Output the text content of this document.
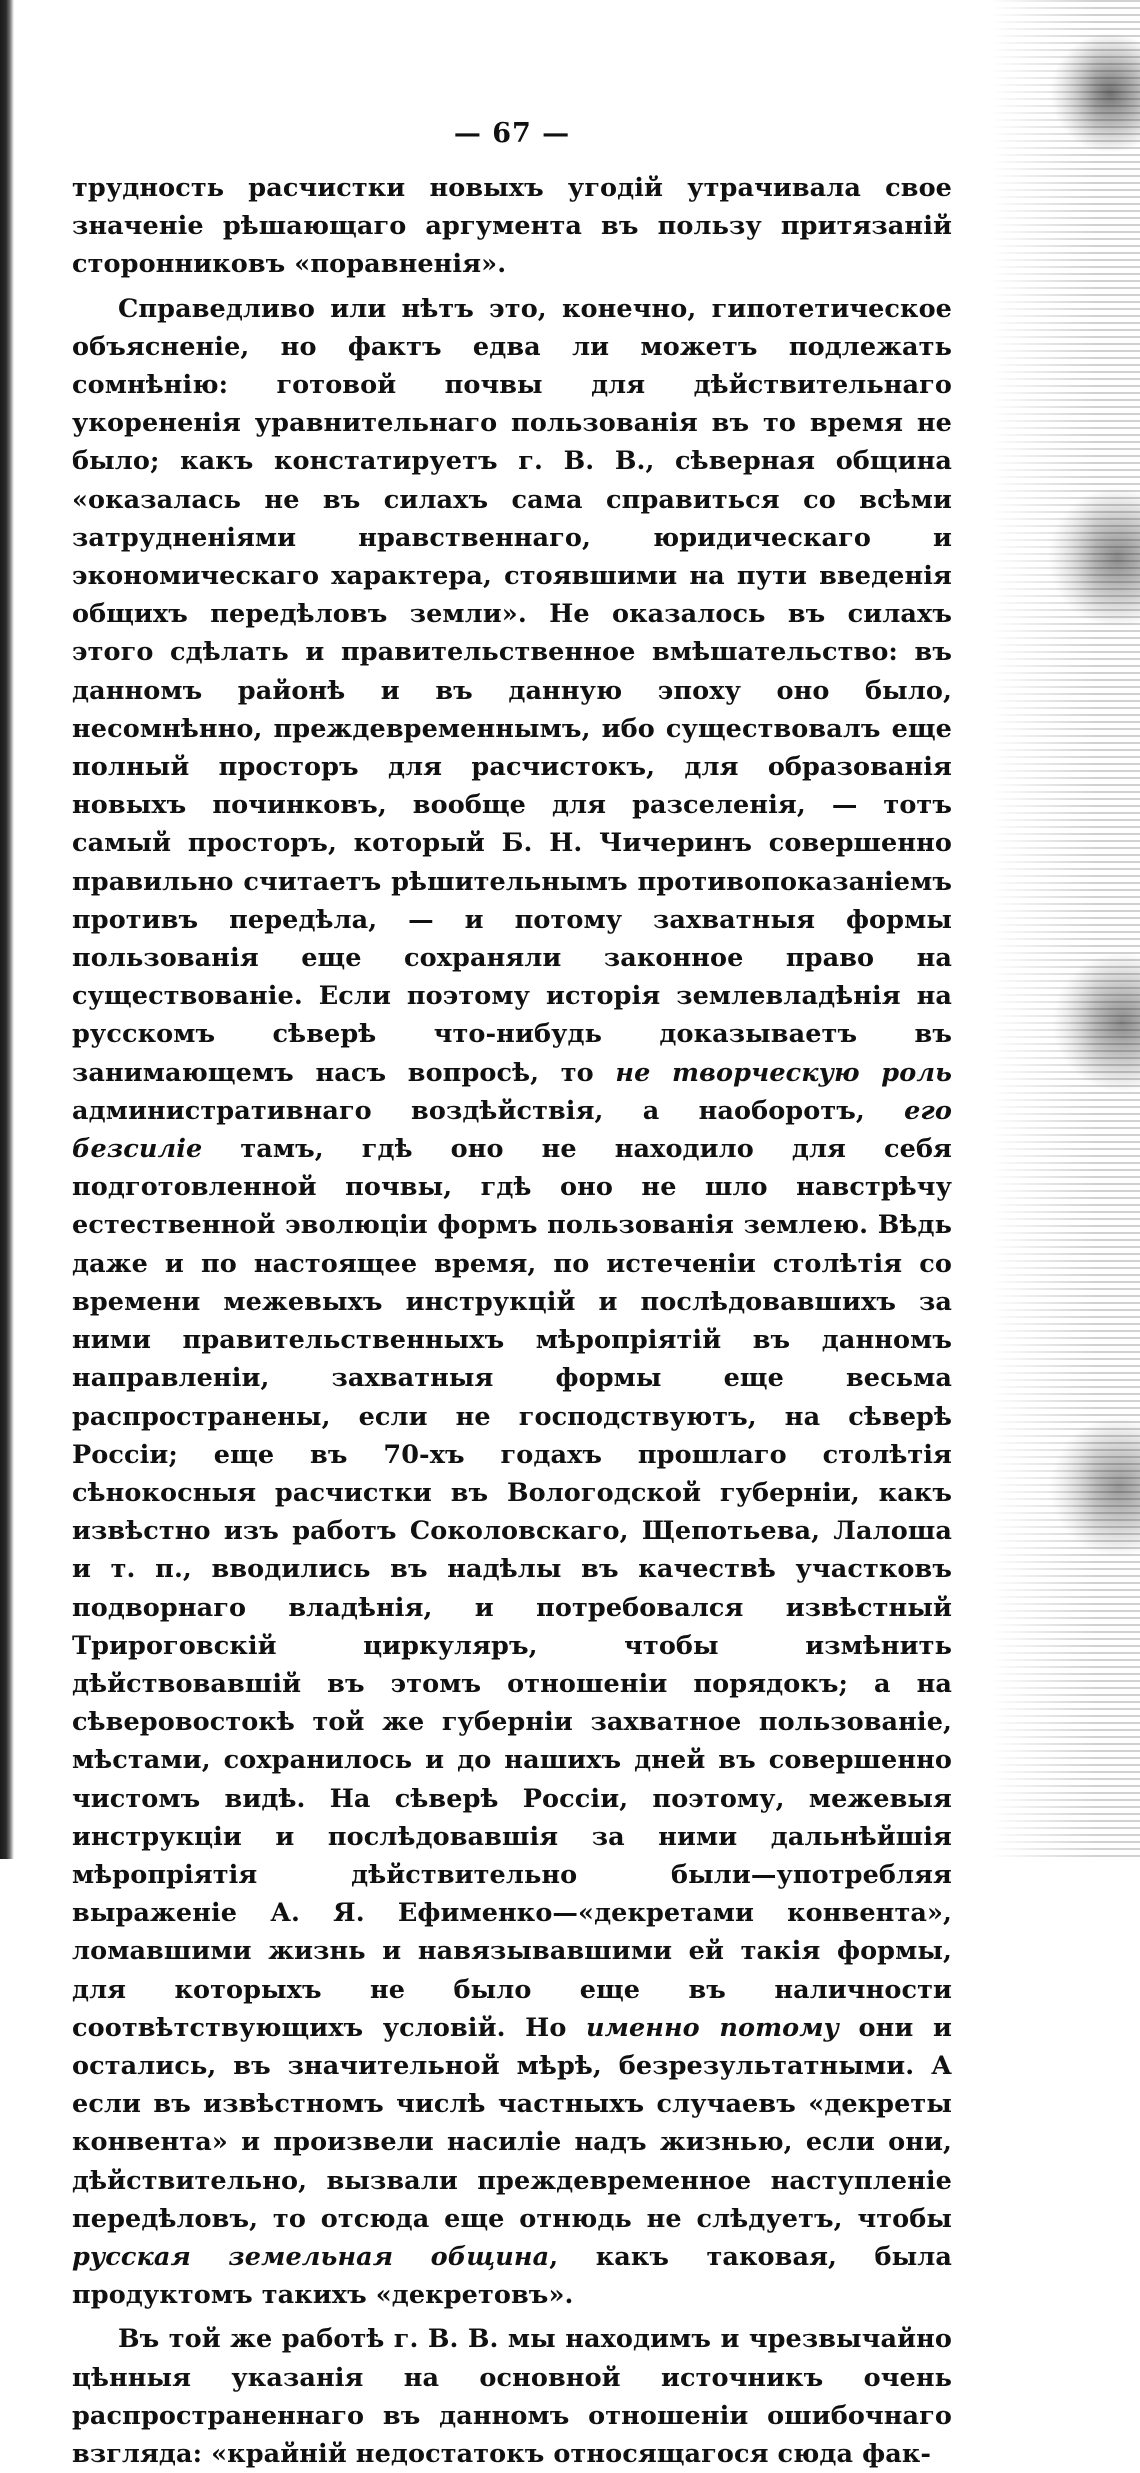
— 67 —

трудность расчистки новыхъ угодій утрачивала свое значеніе рѣшающаго аргумента въ пользу притязаній сторонниковъ «поравненія».

Справедливо или нѣтъ это, конечно, гипотетическое объясненіе, но фактъ едва ли можетъ подлежать сомнѣнію: готовой почвы для дѣйствительнаго укорененія уравнительнаго пользованія въ то время не было; какъ констатируетъ г. В. В., сѣверная община «оказалась не въ силахъ сама справиться со всѣми затрудненіями нравственнаго, юридическаго и экономическаго характера, стоявшими на пути введенія общихъ передѣловъ земли». Не оказалось въ силахъ этого сдѣлать и правительственное вмѣшательство: въ данномъ районѣ и въ данную эпоху оно было, несомнѣнно, преждевременнымъ, ибо существовалъ еще полный просторъ для расчистокъ, для образованія новыхъ починковъ, вообще для разселенія, — тотъ самый просторъ, который Б. Н. Чичеринъ совершенно правильно считаетъ рѣшительнымъ противопоказаніемъ противъ передѣла, — и потому захватныя формы пользованія еще сохраняли законное право на существованіе. Если поэтому исторія землевладѣнія на русскомъ сѣверѣ что-нибудь доказываетъ въ занимающемъ насъ вопросѣ, то не творческую роль административнаго воздѣйствія, а наоборотъ, его безсиліе тамъ, гдѣ оно не находило для себя подготовленной почвы, гдѣ оно не шло навстрѣчу естественной эволюціи формъ пользованія землею. Вѣдь даже и по настоящее время, по истеченіи столѣтія со времени межевыхъ инструкцій и послѣдовавшихъ за ними правительственныхъ мѣропріятій въ данномъ направленіи, захватныя формы еще весьма распространены, если не господствуютъ, на сѣверѣ Россіи; еще въ 70-хъ годахъ прошлаго столѣтія сѣнокосныя расчистки въ Вологодской губерніи, какъ извѣстно изъ работъ Соколовскаго, Щепотьева, Лалоша и т. п., вводились въ надѣлы въ качествѣ участковъ подворнаго владѣнія, и потребовался извѣстный Трироговскій циркуляръ, чтобы измѣнить дѣйствовавшій въ этомъ отношеніи порядокъ; а на сѣверовостокѣ той же губерніи захватное пользованіе, мѣстами, сохранилось и до нашихъ дней въ совершенно чистомъ видѣ. На сѣверѣ Россіи, поэтому, межевыя инструкціи и послѣдовавшія за ними дальнѣйшія мѣропріятія дѣйствительно были—употребляя выраженіе А. Я. Ефименко—«декретами конвента», ломавшими жизнь и навязывавшими ей такія формы, для которыхъ не было еще въ наличности соотвѣтствующихъ условій. Но именно потому они и остались, въ значительной мѣрѣ, безрезультатными. А если въ извѣстномъ числѣ частныхъ случаевъ «декреты конвента» и произвели насиліе надъ жизнью, если они, дѣйствительно, вызвали преждевременное наступленіе передѣловъ, то отсюда еще отнюдь не слѣдуетъ, чтобы русская земельная община, какъ таковая, была продуктомъ такихъ «декретовъ».

Въ той же работѣ г. В. В. мы находимъ и чрезвычайно цѣнныя указанія на основной источникъ очень распространеннаго въ данномъ отношеніи ошибочнаго взгляда: «крайній недостатокъ относящагося сюда фак-
